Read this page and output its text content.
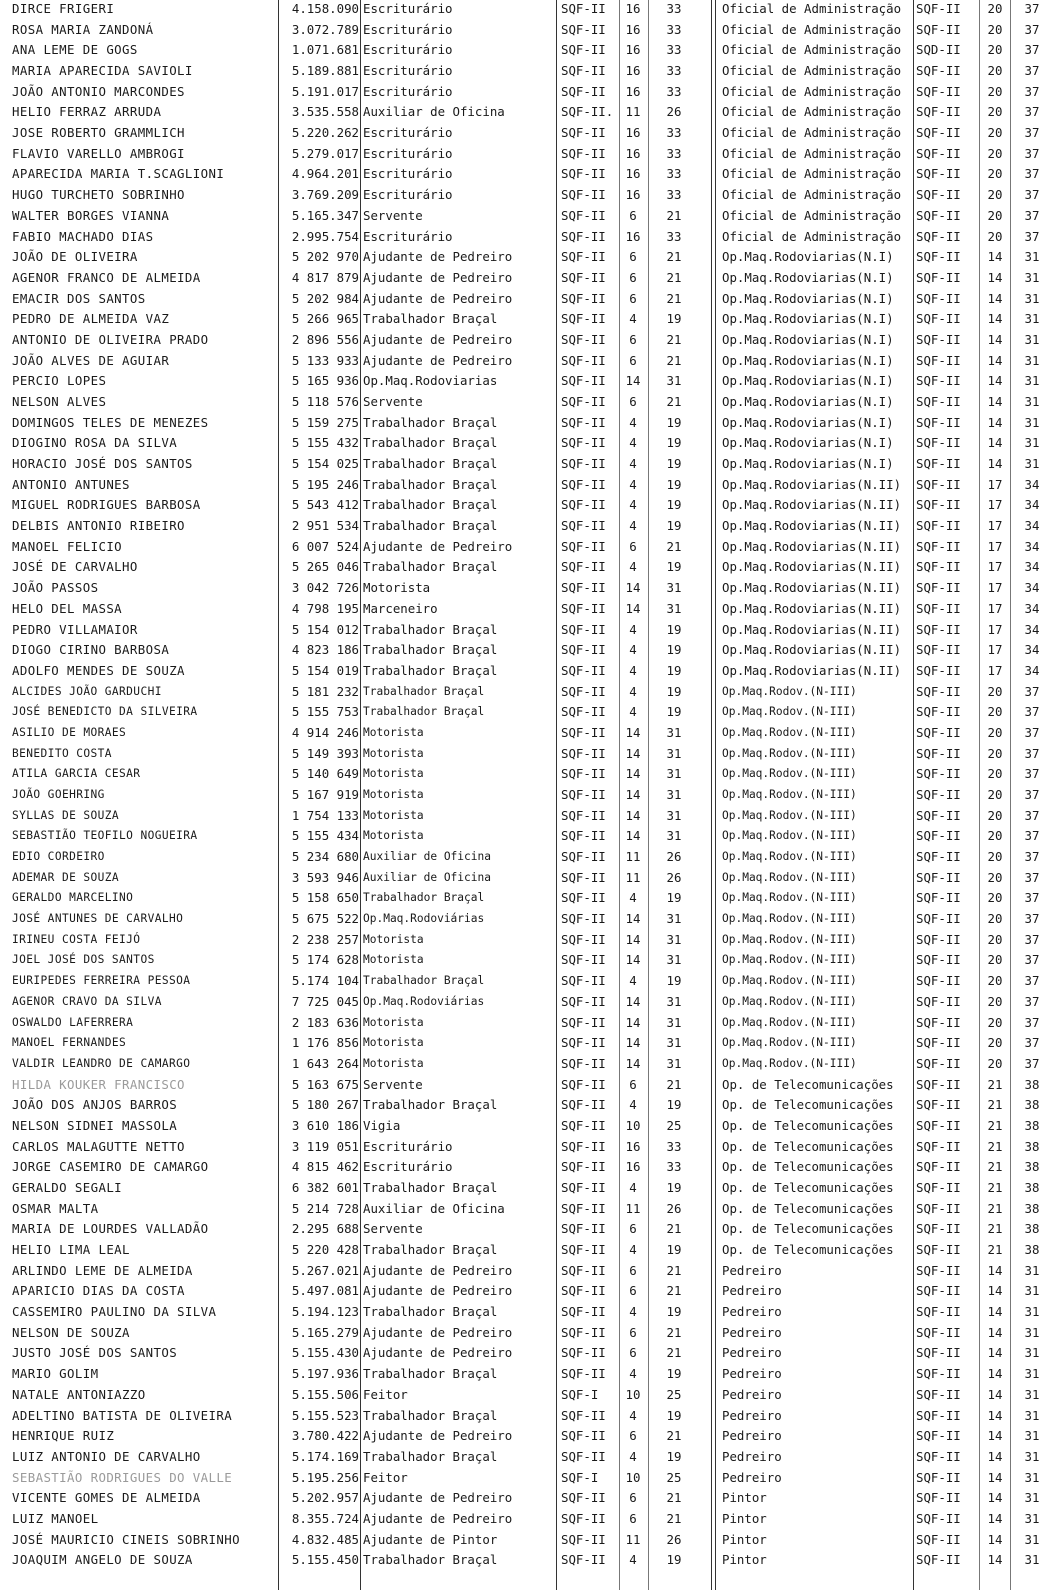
DIRCE FRIGERI	4.158.090 Escriturário	SQF-II	16	33	Oficial de Administração	SQF-II	20	37
ROSA MARIA ZANDONÁ	3.072.789 Escriturário	SQF-II	16	33	Oficial de Administração	SQF-II	20	37
ANA LEME DE GOGS	1.071.681 Escriturário	SQF-II	16	33	Oficial de Administração	SQD-II	20	37
MARIA APARECIDA SAVIOLI	5.189.881 Escriturário	SQF-II	16	33	Oficial de Administração	SQF-II	20	37
JOÃO ANTONIO MARCONDES	5.191.017 Escriturário	SQF-II	16	33	Oficial de Administração	SQF-II	20	37
HELIO FERRAZ ARRUDA	3.535.558 Auxiliar de Oficina	SQF-II. 11	26	Oficial de Administração	SQF-II	20	37
JOSE ROBERTO GRAMMLICH	5.220.262 Escriturário	SQF-II	16	33	Oficial de Administração	SQF-II	20	37
FLAVIO VARELLO AMBROGI	5.279.017 Escriturário	SQF-II	16	33	Oficial de Administração	SQF-II	20	37
APARECIDA MARIA T.SCAGLIONI	4.964.201 Escriturário	SQF-II	16	33	Oficial de Administração	SQF-II	20	37
HUGO TURCHETO SOBRINHO	3.769.209 Escriturário	SQF-II	16	33	Oficial de Administração	SQF-II	20	37
WALTER BORGES VIANNA	5.165.347 Servente	SQF-II	6	21	Oficial de Administração	SQF-II	20	37
FABIO MACHADO DIAS	2.995.754 Escriturário	SQF-II	16	33	Oficial de Administração	SQF-II	20	37
JOÃO DE OLIVEIRA	5 202 970 Ajudante de Pedreiro	SQF-II	6	21	Op.Maq.Rodoviarias(N.I)	SQF-II	14	31
AGENOR FRANCO DE ALMEIDA	4 817 879 Ajudante de Pedreiro	SQF-II	6	21	Op.Maq.Rodoviarias(N.I)	SQF-II	14	31
EMACIR DOS SANTOS	5 202 984 Ajudante de Pedreiro	SQF-II	6	21	Op.Maq.Rodoviarias(N.I)	SQF-II	14	31
PEDRO DE ALMEIDA VAZ	5 266 965 Trabalhador Braçal	SQF-II	4	19	Op.Maq.Rodoviarias(N.I)	SQF-II	14	31
ANTONIO DE OLIVEIRA PRADO	2 896 556 Ajudante de Pedreiro	SQF-II	6	21	Op.Maq.Rodoviarias(N.I)	SQF-II	14	31
JOÃO ALVES DE AGUIAR	5 133 933 Ajudante de Pedreiro	SQF-II	6	21	Op.Maq.Rodoviarias(N.I)	SQF-II	14	31
PERCIO LOPES	5 165 936 Op.Maq.Rodoviarias	SQF-II	14	31	Op.Maq.Rodoviarias(N.I)	SQF-II	14	31
NELSON ALVES	5 118 576 Servente	SQF-II	6	21	Op.Maq.Rodoviarias(N.I)	SQF-II	14	31
DOMINGOS TELES DE MENEZES	5 159 275 Trabalhador Braçal	SQF-II	4	19	Op.Maq.Rodoviarias(N.I)	SQF-II	14	31
DIOGINO ROSA DA SILVA	5 155 432 Trabalhador Braçal	SQF-II	4	19	Op.Maq.Rodoviarias(N.I)	SQF-II	14	31
HORACIO JOSÉ DOS SANTOS	5 154 025 Trabalhador Braçal	SQF-II	4	19	Op.Maq.Rodoviarias(N.I)	SQF-II	14	31
ANTONIO ANTUNES	5 195 246 Trabalhador Braçal	SQF-II	4	19	Op.Maq.Rodoviarias(N.II)	SQF-II	17	34
MIGUEL RODRIGUES BARBOSA	5 543 412 Trabalhador Braçal	SQF-II	4	19	Op.Maq.Rodoviarias(N.II)	SQF-II	17	34
DELBIS ANTONIO RIBEIRO	2 951 534 Trabalhador Braçal	SQF-II	4	19	Op.Maq.Rodoviarias(N.II)	SQF-II	17	34
MANOEL FELICIO	6 007 524 Ajudante de Pedreiro	SQF-II	6	21	Op.Maq.Rodoviarias(N.II)	SQF-II	17	34
JOSÉ DE CARVALHO	5 265 046 Trabalhador Braçal	SQF-II	4	19	Op.Maq.Rodoviarias(N.II)	SQF-II	17	34
JOÃO PASSOS	3 042 726 Motorista	SQF-II	14	31	Op.Maq.Rodoviarias(N.II)	SQF-II	17	34
HELO DEL MASSA	4 798 195 Marceneiro	SQF-II	14	31	Op.Maq.Rodoviarias(N.II)	SQF-II	17	34
PEDRO VILLAMAIOR	5 154 012 Trabalhador Braçal	SQF-II	4	19	Op.Maq.Rodoviarias(N.II)	SQF-II	17	34
DIOGO CIRINO BARBOSA	4 823 186 Trabalhador Braçal	SQF-II	4	19	Op.Maq.Rodoviarias(N.II)	SQF-II	17	34
ADOLFO MENDES DE SOUZA	5 154 019 Trabalhador Braçal	SQF-II	4	19	Op.Maq.Rodoviarias(N.II)	SQF-II	17	34
ALCIDES JOÃO GARDUCHI	5 181 232 Trabalhador Braçal	SQF-II	4	19	Op.Maq.Rodov.(N-III)	SQF-II	20	37
JOSÉ BENEDICTO DA SILVEIRA	5 155 753 Trabalhador Braçal	SQF-II	4	19	Op.Maq.Rodov.(N-III)	SQF-II	20	37
ASILIO DE MORAES	4 914 246 Motorista	SQF-II	14	31	Op.Maq.Rodov.(N-III)	SQF-II	20	37
BENEDITO COSTA	5 149 393 Motorista	SQF-II	14	31	Op.Maq.Rodov.(N-III)	SQF-II	20	37
ATILA GARCIA CESAR	5 140 649 Motorista	SQF-II	14	31	Op.Maq.Rodov.(N-III)	SQF-II	20	37
JOÃO GOEHRING	5 167 919 Motorista	SQF-II	14	31	Op.Maq.Rodov.(N-III)	SQF-II	20	37
SYLLAS DE SOUZA	1 754 133 Motorista	SQF-II	14	31	Op.Maq.Rodov.(N-III)	SQF-II	20	37
SEBASTIÃO TEOFILO NOGUEIRA	5 155 434 Motorista	SQF-II	14	31	Op.Maq.Rodov.(N-III)	SQF-II	20	37
EDIO CORDEIRO	5 234 680 Auxiliar de Oficina	SQF-II	11	26	Op.Maq.Rodov.(N-III)	SQF-II	20	37
ADEMAR DE SOUZA	3 593 946 Auxiliar de Oficina	SQF-II	11	26	Op.Maq.Rodov.(N-III)	SQF-II	20	37
GERALDO MARCELINO	5 158 650 Trabalhador Braçal	SQF-II	4	19	Op.Maq.Rodov.(N-III)	SQF-II	20	37
JOSÉ ANTUNES DE CARVALHO	5 675 522 Op.Maq.Rodoviárias	SQF-II	14	31	Op.Maq.Rodov.(N-III)	SQF-II	20	37
IRINEU COSTA FEIJÓ	2 238 257 Motorista	SQF-II	14	31	Op.Maq.Rodov.(N-III)	SQF-II	20	37
JOEL JOSÉ DOS SANTOS	5 174 628 Motorista	SQF-II	14	31	Op.Maq.Rodov.(N-III)	SQF-II	20	37
EURIPEDES FERREIRA PESSOA	5.174 104 Trabalhador Braçal	SQF-II	4	19	Op.Maq.Rodov.(N-III)	SQF-II	20	37
AGENOR CRAVO DA SILVA	7 725 045 Op.Maq.Rodoviárias	SQF-II	14	31	Op.Maq.Rodov.(N-III)	SQF-II	20	37
OSWALDO LAFERRERA	2 183 636 Motorista	SQF-II	14	31	Op.Maq.Rodov.(N-III)	SQF-II	20	37
MANOEL FERNANDES	1 176 856 Motorista	SQF-II	14	31	Op.Maq.Rodov.(N-III)	SQF-II	20	37
VALDIR LEANDRO DE CAMARGO	1 643 264 Motorista	SQF-II	14	31	Op.Maq.Rodov.(N-III)	SQF-II	20	37
HILDA KOUKER FRANCISCO	5 163 675 Servente	SQF-II	6	21	Op. de Telecomunicações	SQF-II	21	38
JOÃO DOS ANJOS BARROS	5 180 267 Trabalhador Braçal	SQF-II	4	19	Op. de Telecomunicações	SQF-II	21	38
NELSON SIDNEI MASSOLA	3 610 186 Vigia	SQF-II	10	25	Op. de Telecomunicações	SQF-II	21	38
CARLOS MALAGUTTE NETTO	3 119 051 Escriturário	SQF-II	16	33	Op. de Telecomunicações	SQF-II	21	38
JORGE CASEMIRO DE CAMARGO	4 815 462 Escriturário	SQF-II	16	33	Op. de Telecomunicações	SQF-II	21	38
GERALDO SEGALI	6 382 601 Trabalhador Braçal	SQF-II	4	19	Op. de Telecomunicações	SQF-II	21	38
OSMAR MALTA	5 214 728 Auxiliar de Oficina	SQF-II	11	26	Op. de Telecomunicações	SQF-II	21	38
MARIA DE LOURDES VALLADÃO	2.295 688 Servente	SQF-II	6	21	Op. de Telecomunicações	SQF-II	21	38
HELIO LIMA LEAL	5 220 428 Trabalhador Braçal	SQF-II	4	19	Op. de Telecomunicações	SQF-II	21	38
ARLINDO LEME DE ALMEIDA	5.267.021 Ajudante de Pedreiro	SQF-II	6	21	Pedreiro	SQF-II	14	31
APARICIO DIAS DA COSTA	5.497.081 Ajudante de Pedreiro	SQF-II	6	21	Pedreiro	SQF-II	14	31
CASSEMIRO PAULINO DA SILVA	5.194.123 Trabalhador Braçal	SQF-II	4	19	Pedreiro	SQF-II	14	31
NELSON DE SOUZA	5.165.279 Ajudante de Pedreiro	SQF-II	6	21	Pedreiro	SQF-II	14	31
JUSTO JOSÉ DOS SANTOS	5.155.430 Ajudante de Pedreiro	SQF-II	6	21	Pedreiro	SQF-II	14	31
MARIO GOLIM	5.197.936 Trabalhador Braçal	SQF-II	4	19	Pedreiro	SQF-II	14	31
NATALE ANTONIAZZO	5.155.506 Feitor	SQF-I	10	25	Pedreiro	SQF-II	14	31
ADELTINO BATISTA DE OLIVEIRA	5.155.523 Trabalhador Braçal	SQF-II	4	19	Pedreiro	SQF-II	14	31
HENRIQUE RUIZ	3.780.422 Ajudante de Pedreiro	SQF-II	6	21	Pedreiro	SQF-II	14	31
LUIZ ANTONIO DE CARVALHO	5.174.169 Trabalhador Braçal	SQF-II	4	19	Pedreiro	SQF-II	14	31
SEBASTIÃO RODRIGUES DO VALLE	5.195.256 Feitor	SQF-I	10	25	Pedreiro	SQF-II	14	31
VICENTE GOMES DE ALMEIDA	5.202.957 Ajudante de Pedreiro	SQF-II	6	21	Pintor	SQF-II	14	31
LUIZ MANOEL	8.355.724 Ajudante de Pedreiro	SQF-II	6	21	Pintor	SQF-II	14	31
JOSÉ MAURICIO CINEIS SOBRINHO	4.832.485 Ajudante de Pintor	SQF-II	11	26	Pintor	SQF-II	14	31
JOAQUIM ANGELO DE SOUZA	5.155.450 Trabalhador Braçal	SQF-II	4	19	Pintor	SQF-II	14	31
